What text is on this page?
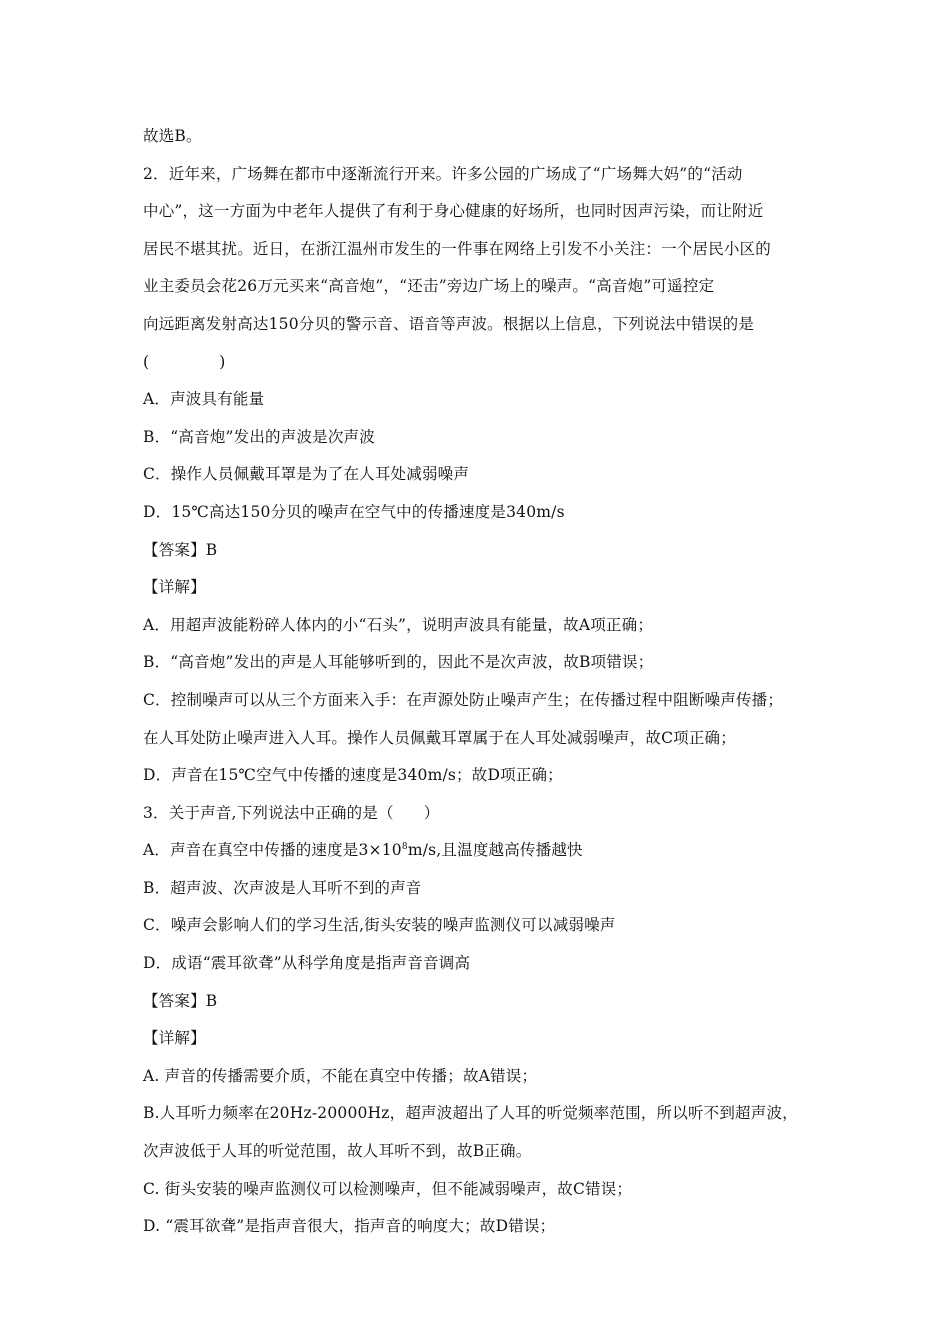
故选B。
2．近年来，广场舞在都市中逐渐流行开来。许多公园的广场成了“广场舞大妈”的“活动
中心”，这一方面为中老年人提供了有利于身心健康的好场所，也同时因声污染，而让附近
居民不堪其扰。近日，在浙江温州市发生的一件事在网络上引发不小关注：一个居民小区的
业主委员会花26万元买来“高音炮”，“还击”旁边广场上的噪声。“高音炮”可遥控定
向远距离发射高达150分贝的警示音、语音等声波。根据以上信息，下列说法中错误的是
(	)
A．声波具有能量
B．“高音炮”发出的声波是次声波
C．操作人员佩戴耳罩是为了在人耳处减弱噪声
D．15℃高达150分贝的噪声在空气中的传播速度是340m/s
【答案】B
【详解】
A．用超声波能粉碎人体内的小“石头”，说明声波具有能量，故A项正确；
B．“高音炮”发出的声是人耳能够听到的，因此不是次声波，故B项错误；
C．控制噪声可以从三个方面来入手：在声源处防止噪声产生；在传播过程中阻断噪声传播；
在人耳处防止噪声进入人耳。操作人员佩戴耳罩属于在人耳处减弱噪声，故C项正确；
D．声音在15℃空气中传播的速度是340m/s；故D项正确；
3．关于声音,下列说法中正确的是（ ）
A．声音在真空中传播的速度是$3\times 10^8m/s$,且温度越高传播越快
B．超声波、次声波是人耳听不到的声音
C．噪声会影响人们的学习生活,街头安装的噪声监测仪可以减弱噪声
D．成语“震耳欲聋”从科学角度是指声音音调高
【答案】B
【详解】
A. 声音的传播需要介质，不能在真空中传播；故A错误；
B.人耳听力频率在20Hz-20000Hz，超声波超出了人耳的听觉频率范围，所以听不到超声波，
次声波低于人耳的听觉范围，故人耳听不到，故B正确。
C. 街头安装的噪声监测仪可以检测噪声，但不能减弱噪声，故C错误；
D. “震耳欲聋”是指声音很大，指声音的响度大；故D错误；
